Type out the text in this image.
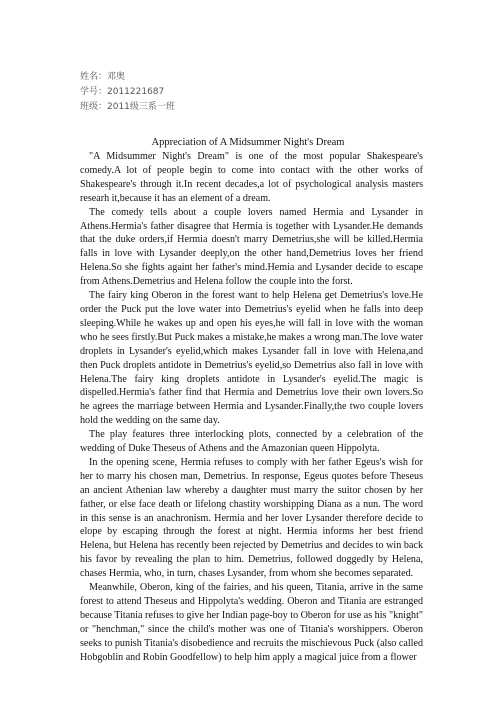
姓名：邓奥
学号：2011221687
班级：2011级三系一班
Appreciation of A Midsummer Night's Dream

"A Midsummer Night's Dream" is one of the most popular Shakespeare's comedy.A lot of people begin to come into contact with the other works of Shakespeare's through it.In recent decades,a lot of psychological analysis masters researh it,because it has an element of a dream.

The comedy tells about a couple lovers named Hermia and Lysander in Athens.Hermia's father disagree that Hermia is together with Lysander.He demands that the duke orders,if Hermia doesn't marry Demetrius,she will be killed.Hermia falls in love with Lysander deeply,on the other hand,Demetrius loves her friend Helena.So she fights againt her father's mind.Hemia and Lysander decide to escape from Athens.Demetrius and Helena follow the couple into the forst.

The fairy king Oberon in the forest want to help Helena get Demetrius's love.He order the Puck put the love water into Demetrius's eyelid when he falls into deep sleeping.While he wakes up and open his eyes,he will fall in love with the woman who he sees firstly.But Puck makes a mistake,he makes a wrong man.The love water droplets in Lysander's eyelid,which makes Lysander fall in love with Helena,and then Puck droplets antidote in Demetrius's eyelid,so Demetrius also fall in love with Helena.The fairy king droplets antidote in Lysander's eyelid.The magic is dispelled.Hermia's father find that Hermia and Demetrius love their own lovers.So he agrees the marriage between Hermia and Lysander.Finally,the two couple lovers hold the wedding on the same day.

The play features three interlocking plots, connected by a celebration of the wedding of Duke Theseus of Athens and the Amazonian queen Hippolyta.

In the opening scene, Hermia refuses to comply with her father Egeus's wish for her to marry his chosen man, Demetrius. In response, Egeus quotes before Theseus an ancient Athenian law whereby a daughter must marry the suitor chosen by her father, or else face death or lifelong chastity worshipping Diana as a nun. The word in this sense is an anachronism. Hermia and her lover Lysander therefore decide to elope by escaping through the forest at night. Hermia informs her best friend Helena, but Helena has recently been rejected by Demetrius and decides to win back his favor by revealing the plan to him. Demetrius, followed doggedly by Helena, chases Hermia, who, in turn, chases Lysander, from whom she becomes separated.

Meanwhile, Oberon, king of the fairies, and his queen, Titania, arrive in the same forest to attend Theseus and Hippolyta's wedding. Oberon and Titania are estranged because Titania refuses to give her Indian page-boy to Oberon for use as his "knight" or "henchman," since the child's mother was one of Titania's worshippers. Oberon seeks to punish Titania's disobedience and recruits the mischievous Puck (also called Hobgoblin and Robin Goodfellow) to help him apply a magical juice from a flower
